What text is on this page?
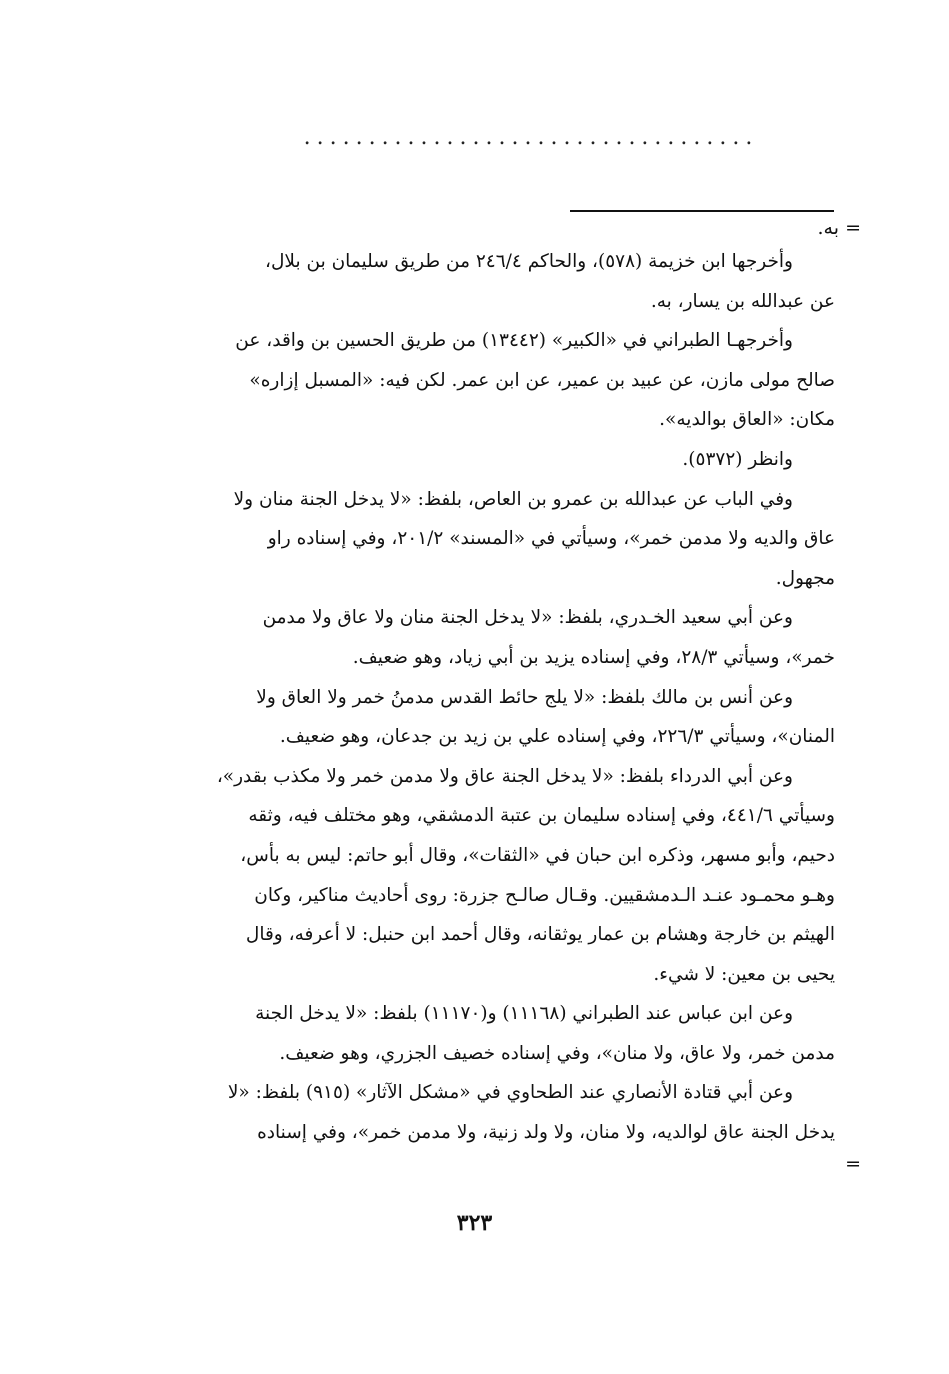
...................................
= به.
وأخرجها ابن خزيمة (٥٧٨)، والحاكم ٢٤٦/٤ من طريق سليمان بن بلال،
عن عبدالله بن يسار، به.
وأخرجهـا الطبراني في «الكبير» (١٣٤٤٢) من طريق الحسين بن واقد، عن
صالح مولى مازن، عن عبيد بن عمير، عن ابن عمر. لكن فيه: «المسبل إزاره»
مكان: «العاق بوالديه».
وانظر (٥٣٧٢).
وفي الباب عن عبدالله بن عمرو بن العاص، بلفظ: «لا يدخل الجنة منان ولا
عاق والديه ولا مدمن خمر»، وسيأتي في «المسند» ٢٠١/٢، وفي إسناده راو
مجهول.
وعن أبي سعيد الخـدري، بلفظ: «لا يدخل الجنة منان ولا عاق ولا مدمن
خمر»، وسيأتي ٢٨/٣، وفي إسناده يزيد بن أبي زياد، وهو ضعيف.
وعن أنس بن مالك بلفظ: «لا يلج حائط القدس مدمنُ خمر ولا العاق ولا
المنان»، وسيأتي ٢٢٦/٣، وفي إسناده علي بن زيد بن جدعان، وهو ضعيف.
وعن أبي الدرداء بلفظ: «لا يدخل الجنة عاق ولا مدمن خمر ولا مكذب بقدر»،
وسيأتي ٤٤١/٦، وفي إسناده سليمان بن عتبة الدمشقي، وهو مختلف فيه، وثقه
دحيم، وأبو مسهر، وذكره ابن حبان في «الثقات»، وقال أبو حاتم: ليس به بأس،
وهـو محمـود عنـد الـدمشقيين. وقـال صالـح جزرة: روى أحاديث مناكير، وكان
الهيثم بن خارجة وهشام بن عمار يوثقانه، وقال أحمد ابن حنبل: لا أعرفه، وقال
يحيى بن معين: لا شيء.
وعن ابن عباس عند الطبراني (١١١٦٨) و(١١١٧٠) بلفظ: «لا يدخل الجنة
مدمن خمر، ولا عاق، ولا منان»، وفي إسناده خصيف الجزري، وهو ضعيف.
وعن أبي قتادة الأنصاري عند الطحاوي في «مشكل الآثار» (٩١٥) بلفظ: «لا
يدخل الجنة عاق لوالديه، ولا منان، ولا ولد زنية، ولا مدمن خمر»، وفي إسناده
=
٣٢٣
